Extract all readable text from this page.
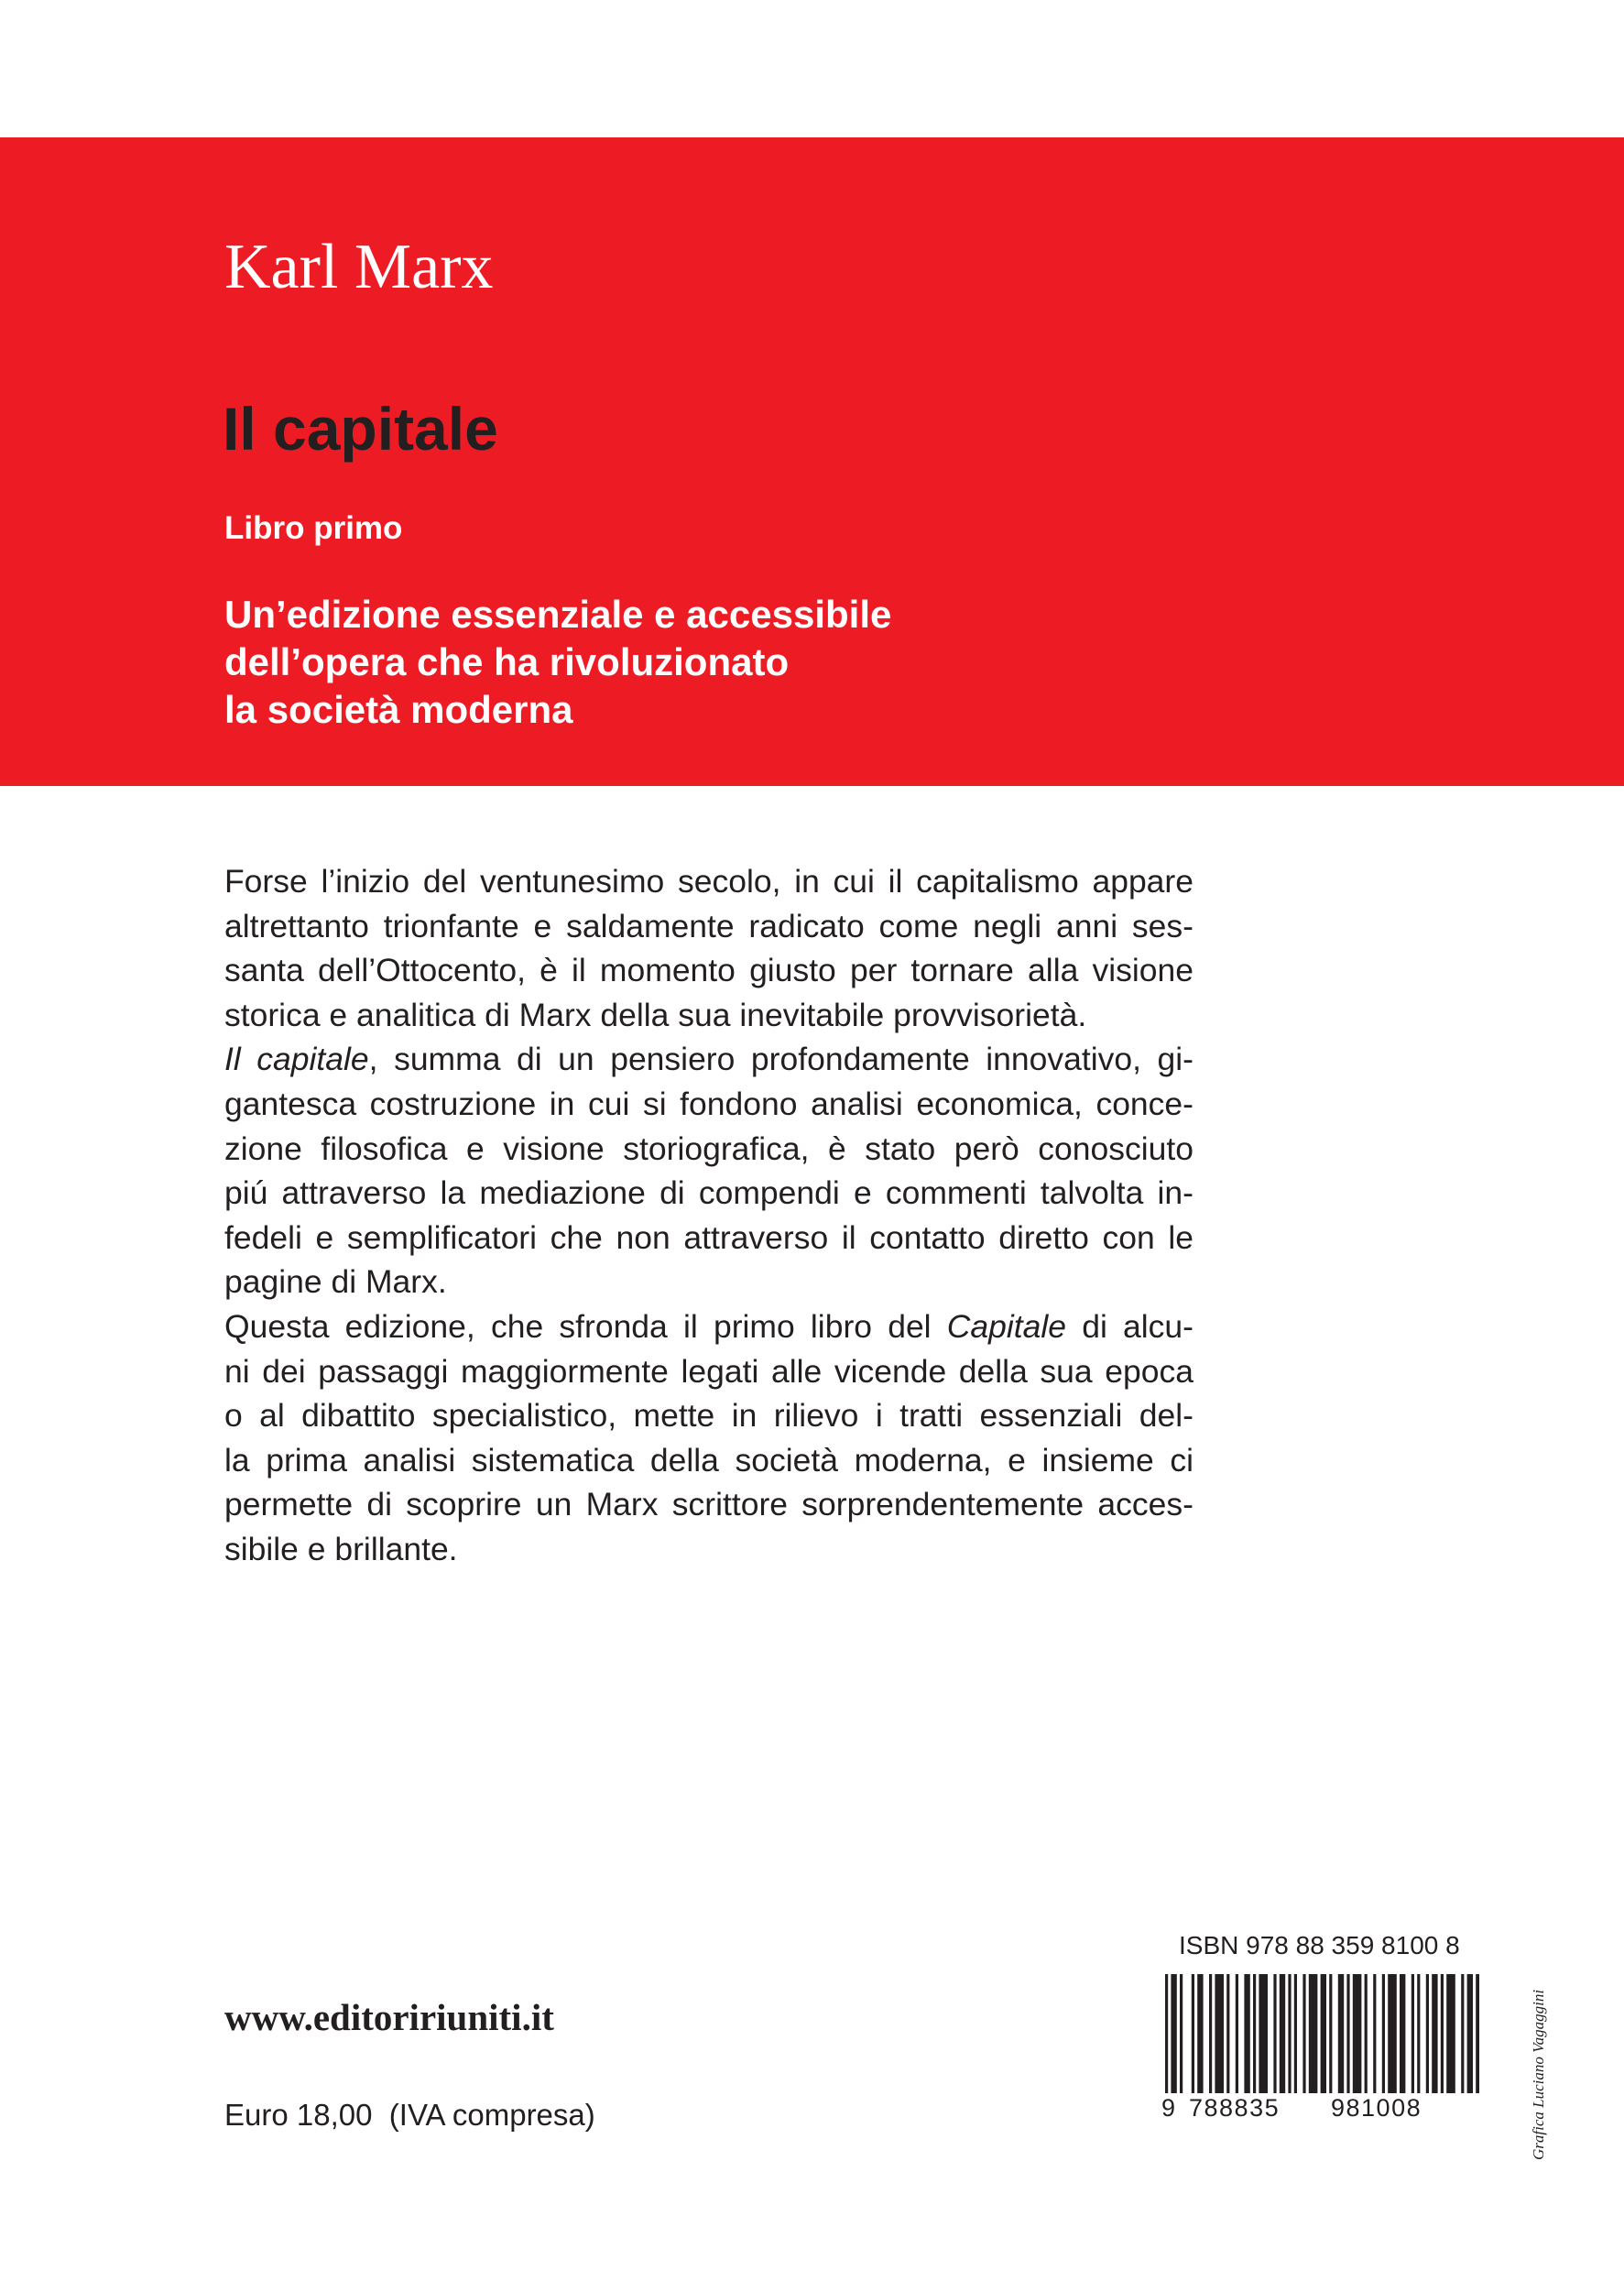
Karl Marx
Il capitale
Libro primo
Un’edizione essenziale e accessibile
dell’opera che ha rivoluzionato
la società moderna
Forse l’inizio del ventunesimo secolo, in cui il capitalismo appare
altrettanto trionfante e saldamente radicato come negli anni ses-
santa dell’Ottocento, è il momento giusto per tornare alla visione
storica e analitica di Marx della sua inevitabile provvisorietà.
Il capitale, summa di un pensiero profondamente innovativo, gi-
gantesca costruzione in cui si fondono analisi economica, conce-
zione filosofica e visione storiografica, è stato però conosciuto
piú attraverso la mediazione di compendi e commenti talvolta in-
fedeli e semplificatori che non attraverso il contatto diretto con le
pagine di Marx.
Questa edizione, che sfronda il primo libro del Capitale di alcu-
ni dei passaggi maggiormente legati alle vicende della sua epoca
o al dibattito specialistico, mette in rilievo i tratti essenziali del-
la prima analisi sistematica della società moderna, e insieme ci
permette di scoprire un Marx scrittore sorprendentemente acces-
sibile e brillante.
www.editoririuniti.it
Euro 18,00  (IVA compresa)
ISBN 978 88 359 8100 8
9 788835 981008	Grafica Luciano Vagaggini
